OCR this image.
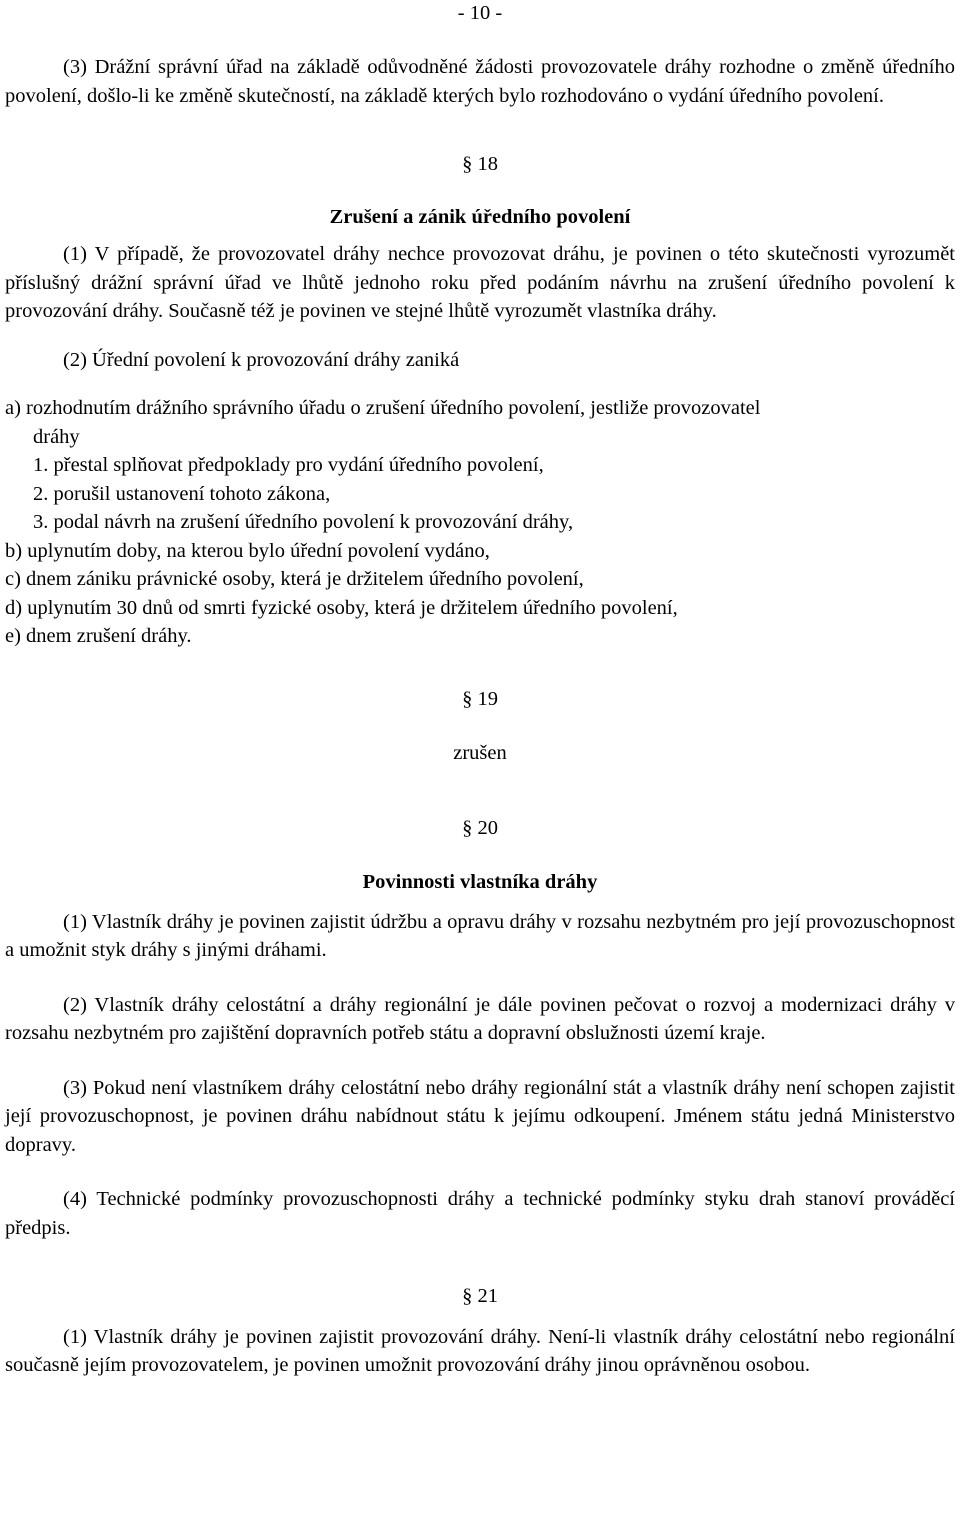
- 10 -

(3) Drážní správní úřad na základě odůvodněné žádosti provozovatele dráhy rozhodne o změně úředního povolení, došlo-li ke změně skutečností, na základě kterých bylo rozhodováno o vydání úředního povolení.

§ 18
Zrušení a zánik úředního povolení

(1) V případě, že provozovatel dráhy nechce provozovat dráhu, je povinen o této skutečnosti vyrozumět příslušný drážní správní úřad ve lhůtě jednoho roku před podáním návrhu na zrušení úředního povolení k provozování dráhy. Současně též je povinen ve stejné lhůtě vyrozumět vlastníka dráhy.

(2) Úřední povolení k provozování dráhy zaniká

a) rozhodnutím drážního správního úřadu o zrušení úředního povolení, jestliže provozovatel
dráhy
1. přestal splňovat předpoklady pro vydání úředního povolení,
2. porušil ustanovení tohoto zákona,
3. podal návrh na zrušení úředního povolení k provozování dráhy,
b) uplynutím doby, na kterou bylo úřední povolení vydáno,
c) dnem zániku právnické osoby, která je držitelem úředního povolení,
d) uplynutím 30 dnů od smrti fyzické osoby, která je držitelem úředního povolení,
e) dnem zrušení dráhy.
§ 19
zrušen
§ 20
Povinnosti vlastníka dráhy

(1) Vlastník dráhy je povinen zajistit údržbu a opravu dráhy v rozsahu nezbytném pro její provozuschopnost a umožnit styk dráhy s jinými dráhami.

(2) Vlastník dráhy celostátní a dráhy regionální je dále povinen pečovat o rozvoj a modernizaci dráhy v rozsahu nezbytném pro zajištění dopravních potřeb státu a dopravní obslužnosti území kraje.

(3) Pokud není vlastníkem dráhy celostátní nebo dráhy regionální stát a vlastník dráhy není schopen zajistit její provozuschopnost, je povinen dráhu nabídnout státu k jejímu odkoupení. Jménem státu jedná Ministerstvo dopravy.

(4) Technické podmínky provozuschopnosti dráhy a technické podmínky styku drah stanoví prováděcí předpis.

§ 21

(1) Vlastník dráhy je povinen zajistit provozování dráhy. Není-li vlastník dráhy celostátní nebo regionální současně jejím provozovatelem, je povinen umožnit provozování dráhy jinou oprávněnou osobou.
